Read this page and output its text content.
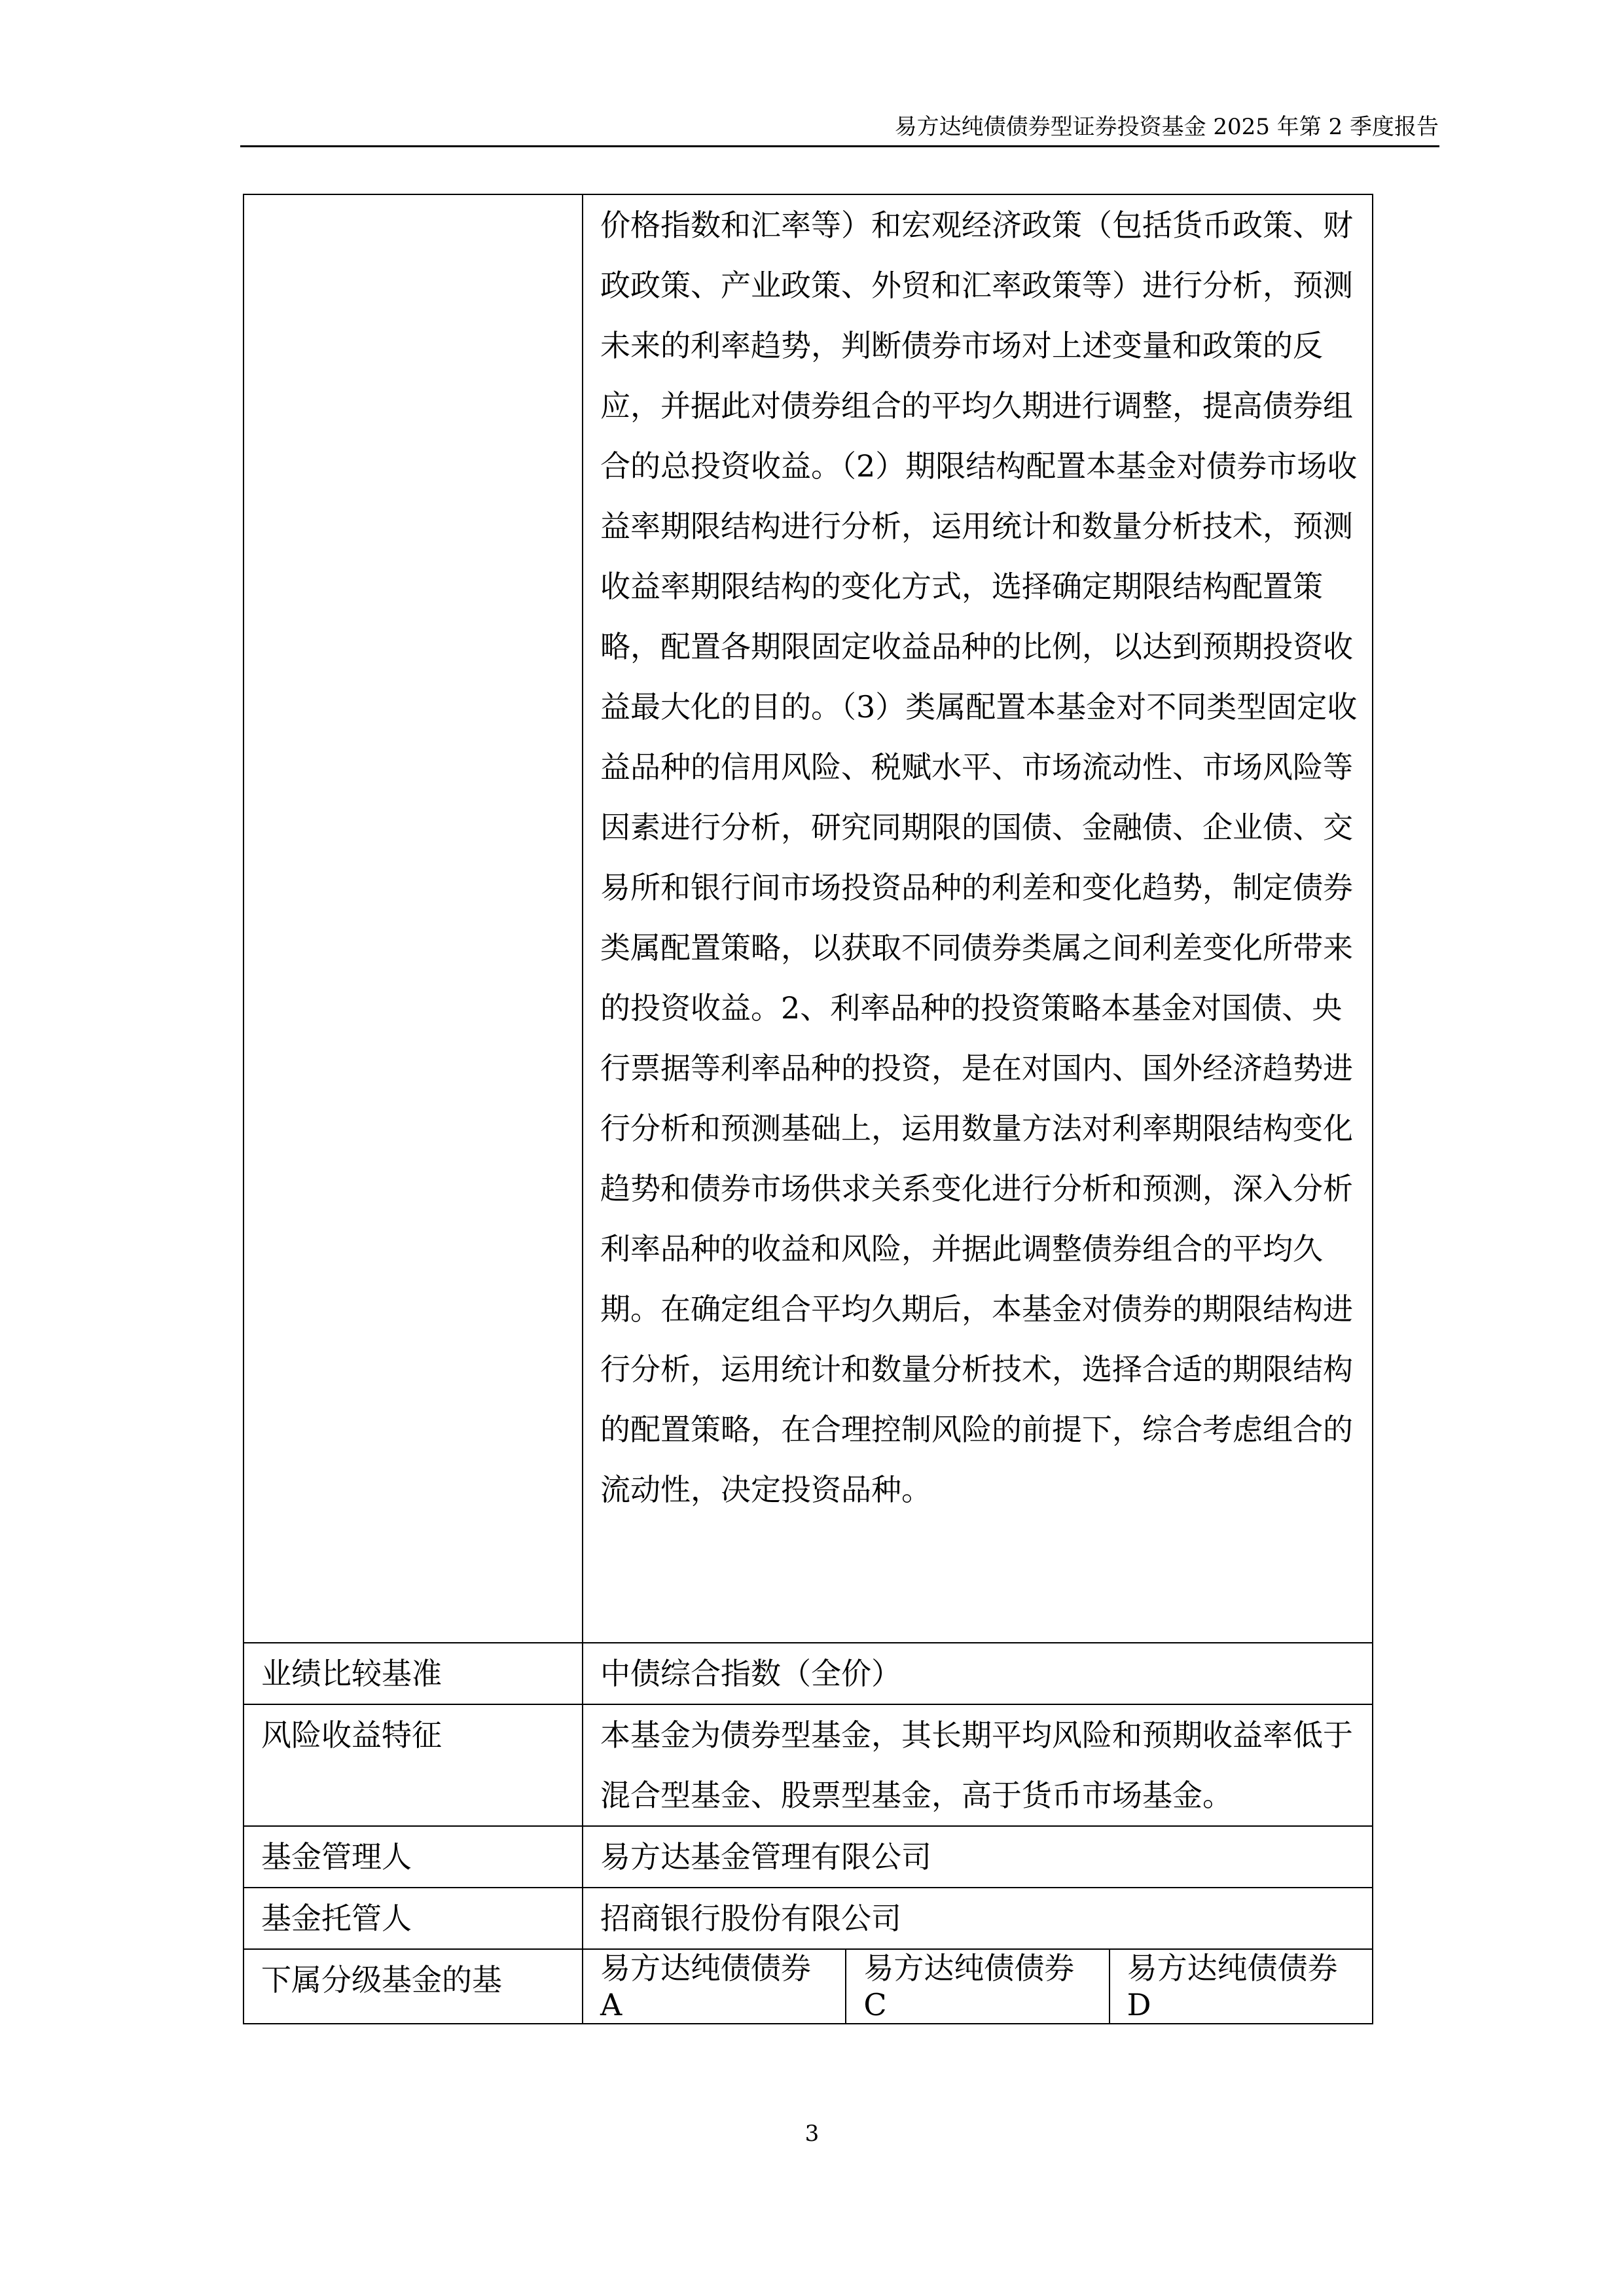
易方达纯债债券型证券投资基金 2025 年第 2 季度报告
	价格指数和汇率等）和宏观经济政策（包括货币政策、财政政策、产业政策、外贸和汇率政策等）进行分析，预测未来的利率趋势，判断债券市场对上述变量和政策的反应，并据此对债券组合的平均久期进行调整，提高债券组合的总投资收益。（2）期限结构配置本基金对债券市场收益率期限结构进行分析，运用统计和数量分析技术，预测收益率期限结构的变化方式，选择确定期限结构配置策略，配置各期限固定收益品种的比例，以达到预期投资收益最大化的目的。（3）类属配置本基金对不同类型固定收益品种的信用风险、税赋水平、市场流动性、市场风险等因素进行分析，研究同期限的国债、金融债、企业债、交易所和银行间市场投资品种的利差和变化趋势，制定债券类属配置策略，以获取不同债券类属之间利差变化所带来的投资收益。2、利率品种的投资策略本基金对国债、央行票据等利率品种的投资，是在对国内、国外经济趋势进行分析和预测基础上，运用数量方法对利率期限结构变化趋势和债券市场供求关系变化进行分析和预测，深入分析利率品种的收益和风险，并据此调整债券组合的平均久期。在确定组合平均久期后，本基金对债券的期限结构进行分析，运用统计和数量分析技术，选择合适的期限结构的配置策略，在合理控制风险的前提下，综合考虑组合的流动性，决定投资品种。		
业绩比较基准	中债综合指数（全价）		
风险收益特征	本基金为债券型基金，其长期平均风险和预期收益率低于混合型基金、股票型基金，高于货币市场基金。		
基金管理人	易方达基金管理有限公司		
基金托管人	招商银行股份有限公司		
下属分级基金的基	易方达纯债债券A	易方达纯债债券C	易方达纯债债券D
3
